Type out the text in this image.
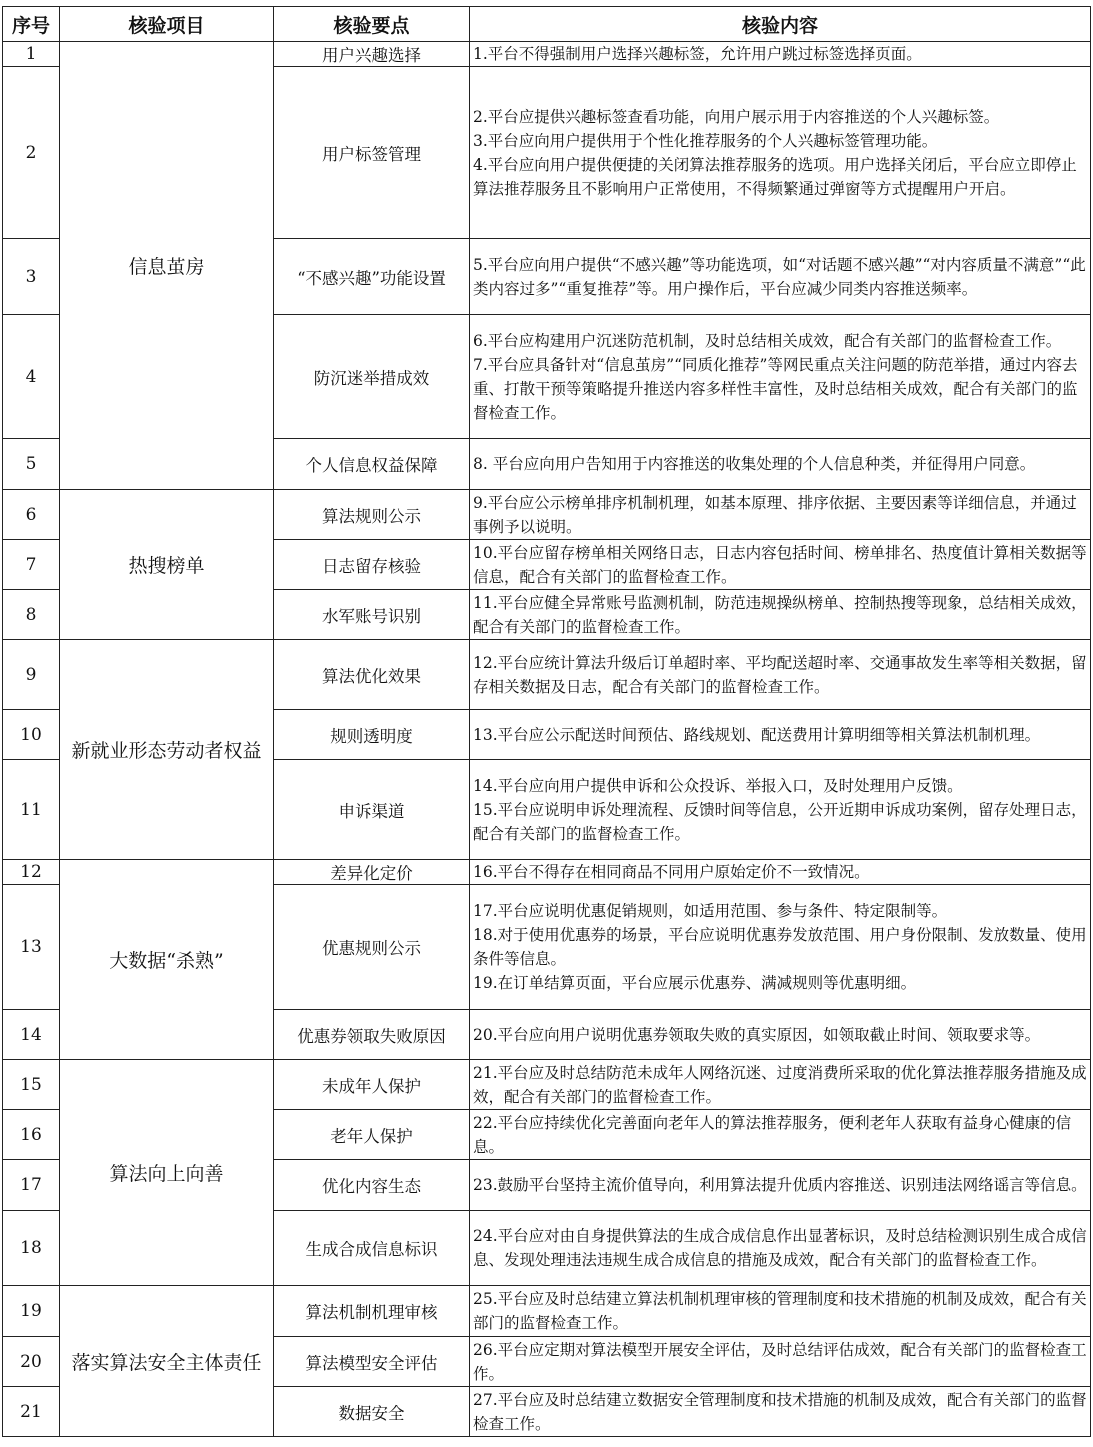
序号	核验项目	核验要点	核验内容
1	信息茧房	用户兴趣选择	1.平台不得强制用户选择兴趣标签，允许用户跳过标签选择页面。

2		用户标签管理	2.平台应提供兴趣标签查看功能，向用户展示用于内容推送的个人兴趣标签。
3.平台应向用户提供用于个性化推荐服务的个人兴趣标签管理功能。
4.平台应向用户提供便捷的关闭算法推荐服务的选项。用户选择关闭后，平台应立即停止算法推荐服务且不影响用户正常使用，不得频繁通过弹窗等方式提醒用户开启。

3		“不感兴趣”功能设置	5.平台应向用户提供“不感兴趣”等功能选项，如“对话题不感兴趣”“对内容质量不满意”“此类内容过多”“重复推荐”等。用户操作后，平台应减少同类内容推送频率。

4		防沉迷举措成效	6.平台应构建用户沉迷防范机制，及时总结相关成效，配合有关部门的监督检查工作。
7.平台应具备针对“信息茧房”“同质化推荐”等网民重点关注问题的防范举措，通过内容去重、打散干预等策略提升推送内容多样性丰富性，及时总结相关成效，配合有关部门的监督检查工作。

5		个人信息权益保障	8. 平台应向用户告知用于内容推送的收集处理的个人信息种类，并征得用户同意。

6	热搜榜单	算法规则公示	9.平台应公示榜单排序机制机理，如基本原理、排序依据、主要因素等详细信息，并通过事例予以说明。

7		日志留存核验	10.平台应留存榜单相关网络日志，日志内容包括时间、榜单排名、热度值计算相关数据等信息，配合有关部门的监督检查工作。

8		水军账号识别	11.平台应健全异常账号监测机制，防范违规操纵榜单、控制热搜等现象，总结相关成效，配合有关部门的监督检查工作。

9	新就业形态劳动者权益	算法优化效果	12.平台应统计算法升级后订单超时率、平均配送超时率、交通事故发生率等相关数据，留存相关数据及日志，配合有关部门的监督检查工作。

10		规则透明度	13.平台应公示配送时间预估、路线规划、配送费用计算明细等相关算法机制机理。

11		申诉渠道	14.平台应向用户提供申诉和公众投诉、举报入口，及时处理用户反馈。
15.平台应说明申诉处理流程、反馈时间等信息，公开近期申诉成功案例，留存处理日志，配合有关部门的监督检查工作。

12	大数据“杀熟”	差异化定价	16.平台不得存在相同商品不同用户原始定价不一致情况。

13		优惠规则公示	17.平台应说明优惠促销规则，如适用范围、参与条件、特定限制等。
18.对于使用优惠券的场景，平台应说明优惠券发放范围、用户身份限制、发放数量、使用条件等信息。
19.在订单结算页面，平台应展示优惠券、满减规则等优惠明细。

14		优惠券领取失败原因	20.平台应向用户说明优惠券领取失败的真实原因，如领取截止时间、领取要求等。

15	算法向上向善	未成年人保护	21.平台应及时总结防范未成年人网络沉迷、过度消费所采取的优化算法推荐服务措施及成效，配合有关部门的监督检查工作。

16		老年人保护	22.平台应持续优化完善面向老年人的算法推荐服务，便利老年人获取有益身心健康的信息。

17		优化内容生态	23.鼓励平台坚持主流价值导向，利用算法提升优质内容推送、识别违法网络谣言等信息。

18		生成合成信息标识	24.平台应对由自身提供算法的生成合成信息作出显著标识，及时总结检测识别生成合成信息、发现处理违法违规生成合成信息的措施及成效，配合有关部门的监督检查工作。

19	落实算法安全主体责任	算法机制机理审核	25.平台应及时总结建立算法机制机理审核的管理制度和技术措施的机制及成效，配合有关部门的监督检查工作。

20		算法模型安全评估	26.平台应定期对算法模型开展安全评估，及时总结评估成效，配合有关部门的监督检查工作。

21		数据安全	27.平台应及时总结建立数据安全管理制度和技术措施的机制及成效，配合有关部门的监督检查工作。
